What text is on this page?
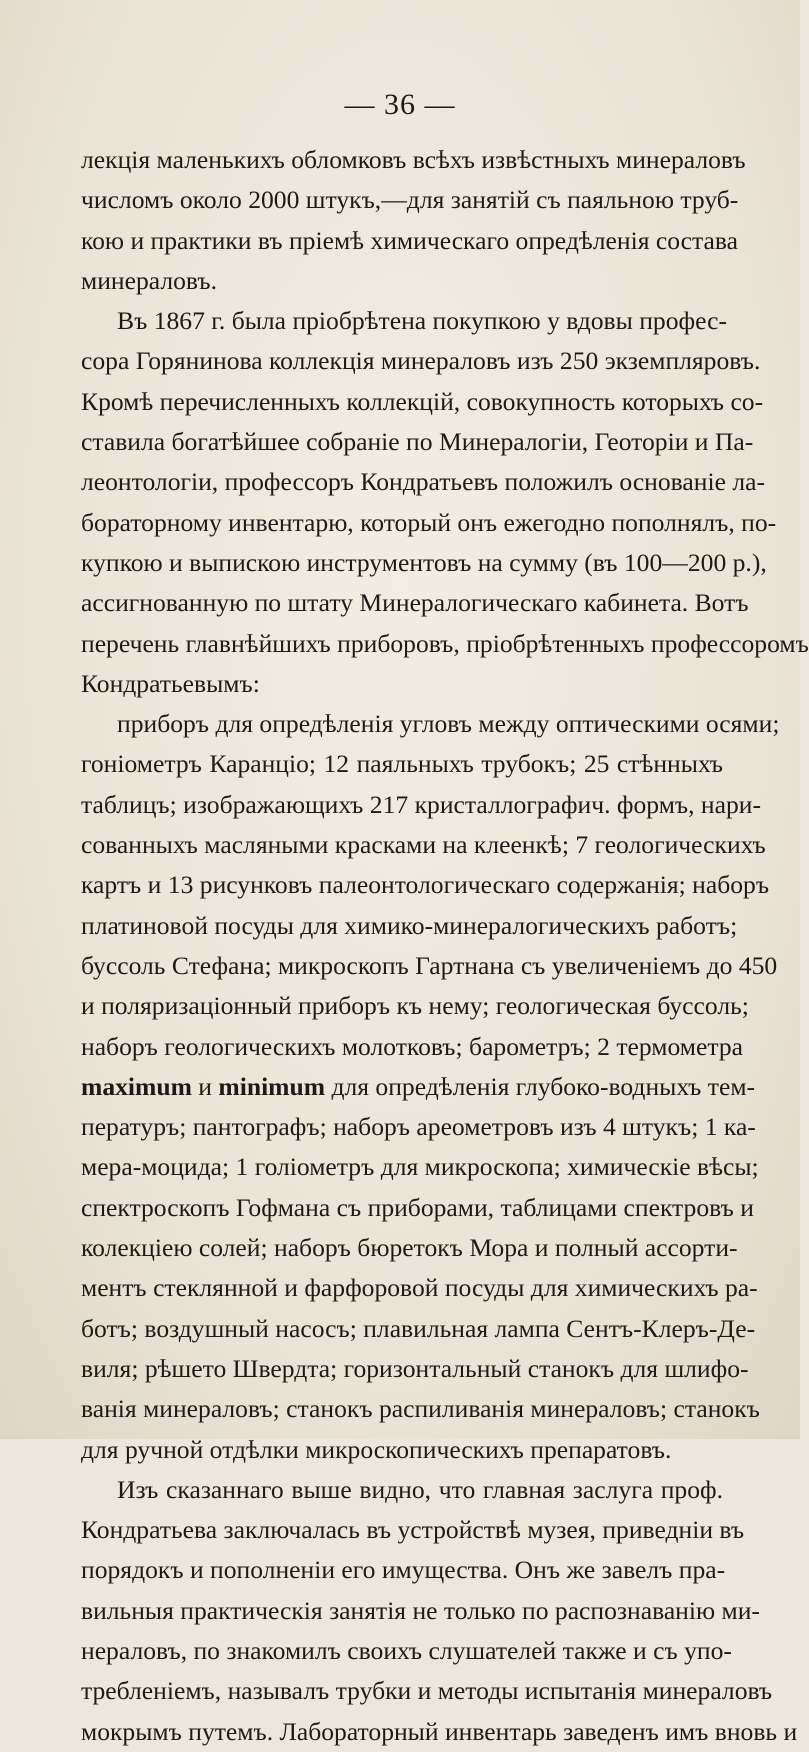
— 36 —
лекція маленькихъ обломковъ всѣхъ извѣстныхъ минераловъ
числомъ около 2000 штукъ,—для занятій съ паяльною труб-
кою и практики въ пріемѣ химическаго опредѣленія состава
минераловъ.
Въ 1867 г. была пріобрѣтена покупкою у вдовы профес-
сора Горянинова коллекція минераловъ изъ 250 экземпляровъ.
Кромѣ перечисленныхъ коллекцій, совокупность которыхъ со-
ставила богатѣйшее собраніе по Минералогіи, Геоторіи и Па-
леонтологіи, профессоръ Кондратьевъ положилъ основаніе ла-
бораторному инвентарю, который онъ ежегодно пополнялъ, по-
купкою и выпискою инструментовъ на сумму (въ 100—200 р.),
ассигнованную по штату Минералогическаго кабинета. Вотъ
перечень главнѣйшихъ приборовъ, пріобрѣтенныхъ профессоромъ
Кондратьевымъ:
приборъ для опредѣленія угловъ между оптическими осями;
гоніометръ Каранціо; 12 паяльныхъ трубокъ; 25 стѣнныхъ
таблицъ; изображающихъ 217 кристаллографич. формъ, нари-
сованныхъ масляными красками на клеенкѣ; 7 геологическихъ
картъ и 13 рисунковъ палеонтологическаго содержанія; наборъ
платиновой посуды для химико-минералогическихъ работъ;
буссоль Стефана; микроскопъ Гартнана съ увеличеніемъ до 450
и поляризаціонный приборъ къ нему; геологическая буссоль;
наборъ геологическихъ молотковъ; барометръ; 2 термометра
maximum и minimum для опредѣленія глубоко-водныхъ тем-
пературъ; пантографъ; наборъ ареометровъ изъ 4 штукъ; 1 ка-
мера-моцида; 1 голіометръ для микроскопа; химическіе вѣсы;
спектроскопъ Гофмана съ приборами, таблицами спектровъ и
колекціею солей; наборъ бюретокъ Мора и полный ассорти-
ментъ стеклянной и фарфоровой посуды для химическихъ ра-
ботъ; воздушный насосъ; плавильная лампа Сентъ-Клеръ-Де-
виля; рѣшето Швердта; горизонтальный станокъ для шлифо-
ванія минераловъ; станокъ распиливанія минераловъ; станокъ
для ручной отдѣлки микроскопическихъ препаратовъ.
Изъ сказаннаго выше видно, что главная заслуга проф.
Кондратьева заключалась въ устройствѣ музея, приведніи въ
порядокъ и пополненіи его имущества. Онъ же завелъ пра-
вильныя практическія занятія не только по распознаванію ми-
нераловъ, по знакомилъ своихъ слушателей также и съ упо-
требленіемъ, называлъ трубки и методы испытанія минераловъ
мокрымъ путемъ. Лабораторный инвентарь заведенъ имъ вновь и
